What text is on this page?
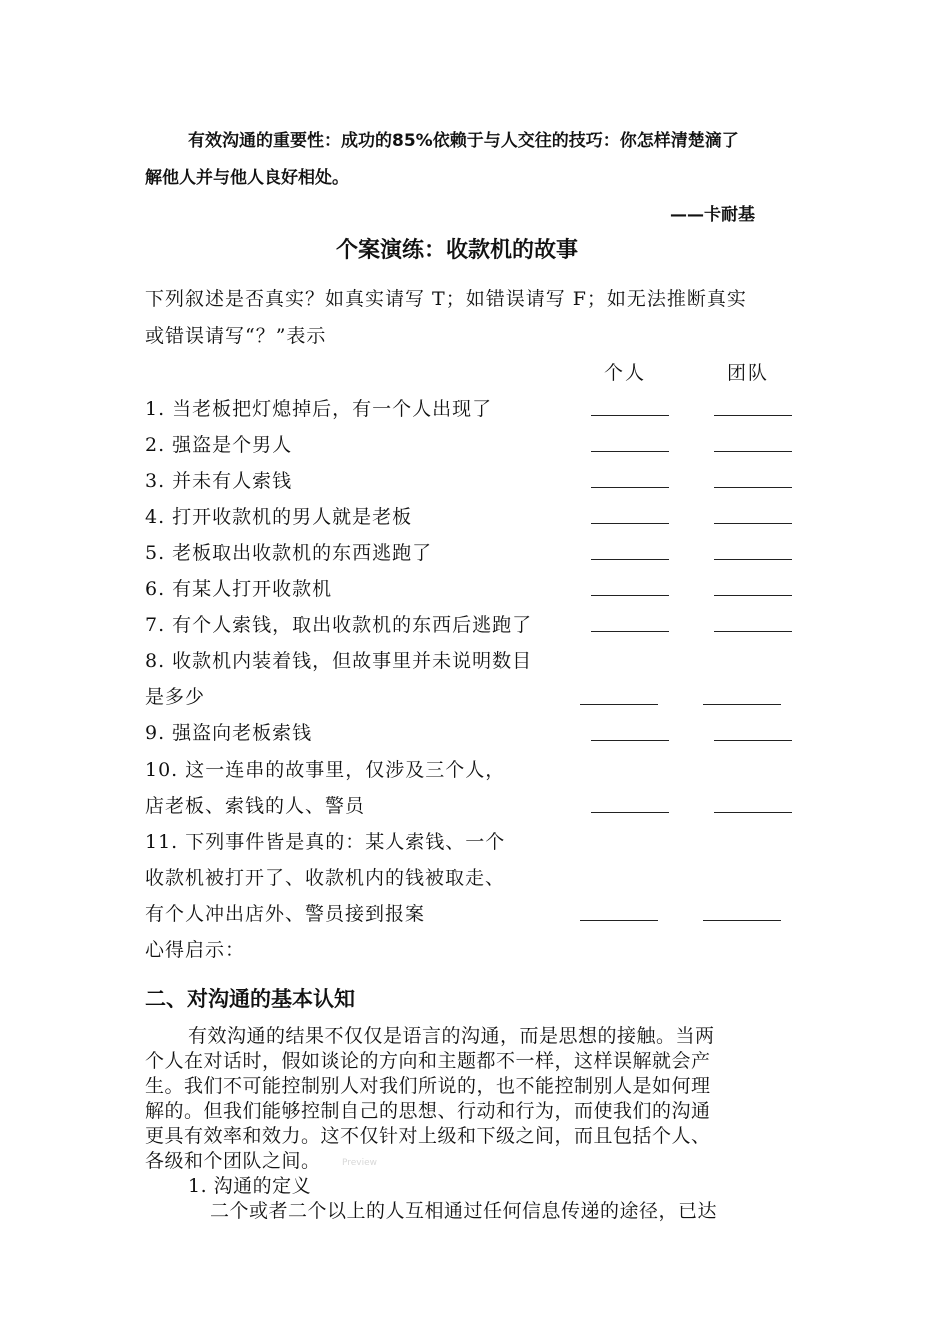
有效沟通的重要性：成功的85%依赖于与人交往的技巧：你怎样清楚滴了
解他人并与他人良好相处。
——卡耐基
个案演练：收款机的故事
下列叙述是否真实？如真实请写 T；如错误请写 F；如无法推断真实
或错误请写“？”表示
个人	团队
1. 当老板把灯熄掉后，有一个人出现了
2. 强盗是个男人
3. 并未有人索钱
4. 打开收款机的男人就是老板
5. 老板取出收款机的东西逃跑了
6. 有某人打开收款机
7. 有个人索钱，取出收款机的东西后逃跑了
8. 收款机内装着钱，但故事里并未说明数目
是多少
9. 强盗向老板索钱
10. 这一连串的故事里，仅涉及三个人，
店老板、索钱的人、警员
11. 下列事件皆是真的：某人索钱、一个
收款机被打开了、收款机内的钱被取走、
有个人冲出店外、警员接到报案
心得启示：
二、对沟通的基本认知
有效沟通的结果不仅仅是语言的沟通，而是思想的接触。当两
个人在对话时，假如谈论的方向和主题都不一样，这样误解就会产
生。我们不可能控制别人对我们所说的，也不能控制别人是如何理
解的。但我们能够控制自己的思想、行动和行为，而使我们的沟通
更具有效率和效力。这不仅针对上级和下级之间，而且包括个人、
各级和个团队之间。 Preview
1. 沟通的定义
二个或者二个以上的人互相通过任何信息传递的途径，已达
